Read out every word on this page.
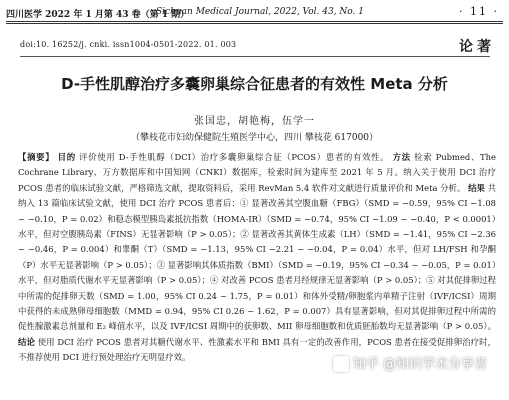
四川医学 2022 年 1 月第 43 卷（第 1 期）
Sichuan Medical Journal, 2022, Vol. 43, No. 1	· 11 ·
doi:10. 16252/j. cnki. issn1004-0501-2022. 01. 003	论著
D-手性肌醇治疗多囊卵巢综合征患者的有效性 Meta 分析
张国忠，胡艳梅，伍学一
（攀枝花市妇幼保健院生殖医学中心，四川 攀枝花 617000）

【摘要】 目的 评价使用 D-手性肌醇（DCI）治疗多囊卵巢综合征（PCOS）患者的有效性。 方法 检索 Pubmed、The Cochrane Library、万方数据库和中国知网（CNKI）数据库，检索时间为建库至 2021 年 5 月。纳入关于使用 DCI 治疗 PCOS 患者的临床试验文献，严格筛选文献，提取资料后，采用 RevMan 5.4 软件对文献进行质量评价和 Meta 分析。 结果 共纳入 13 篇临床试验文献，使用 DCI 治疗 PCOS 患者后：① 显著改善其空腹血糖（FBG）（SMD = −0.59，95% CI −1.08 ~ −0.10，P = 0.02）和稳态模型胰岛素抵抗指数（HOMA-IR）（SMD = −0.74，95% CI −1.09 ~ −0.40，P < 0.0001）水平，但对空腹胰岛素（FINS）无显著影响（P > 0.05）；② 显著改善其黄体生成素（LH）（SMD = −1.41，95% CI −2.36 ~ −0.46，P = 0.004）和睾酮（T）（SMD = −1.13，95% CI −2.21 ~ −0.04，P = 0.04）水平，但对 LH/FSH 和孕酮（P）水平无显著影响（P > 0.05）；③ 显著影响其体质指数（BMI）（SMD = −0.19，95% CI −0.34 ~ −0.05，P = 0.01）水平，但对脂质代谢水平无显著影响（P > 0.05）；④ 对改善 PCOS 患者月经规律无显著影响（P > 0.05）；⑤ 对其促排卵过程中所需的促排卵天数（SMD = 1.00，95% CI 0.24 ~ 1.75，P = 0.01）和体外受精/卵胞浆内单精子注射（IVF/ICSI）周期中获得的未成熟卵母细胞数（MMD = 0.94，95% CI 0.26 ~ 1.62，P = 0.007）具有显著影响，但对其促排卵过程中所需的促性腺激素总剂量和 E₂ 峰值水平，以及 IVF/ICSI 周期中的获卵数、MII 卵母细胞数和优质胚胎数均无显著影响（P > 0.05）。 结论 使用 DCI 治疗 PCOS 患者对其糖代谢水平、性激素水平和 BMI 具有一定的改善作用，PCOS 患者在接受促排卵治疗时，不推荐使用 DCI 进行预处理治疗无明显疗效。	知乎 @知识学术分享者
